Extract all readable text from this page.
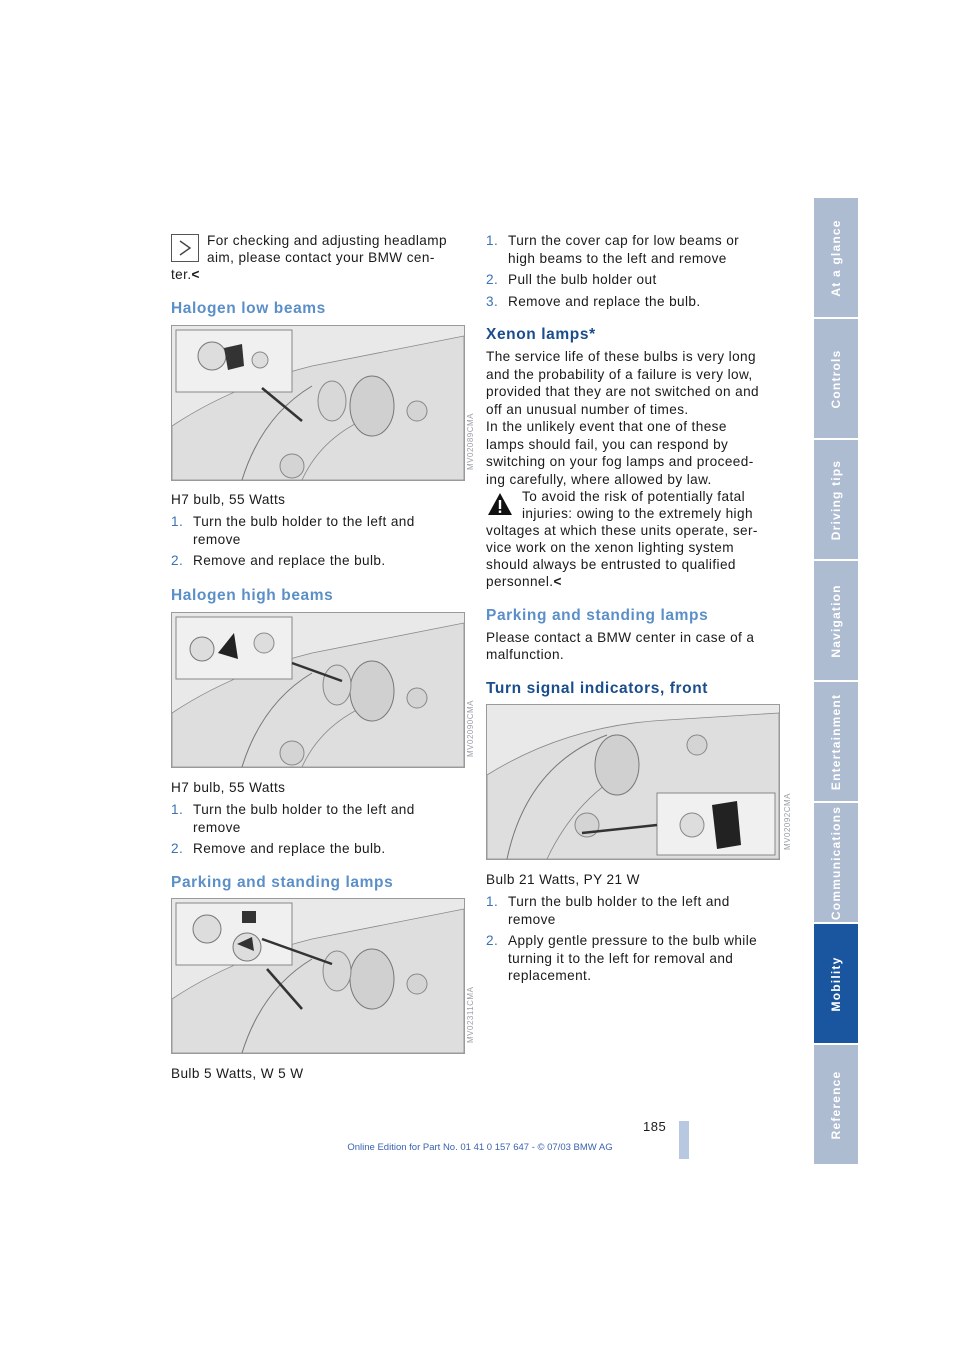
For checking and adjusting headlamp
aim, please contact your BMW cen-
ter.<
Halogen low beams
MV02089CMA
H7 bulb, 55 Watts
1. Turn the bulb holder to the left and
remove
2. Remove and replace the bulb.
Halogen high beams
MV02090CMA
H7 bulb, 55 Watts
1. Turn the bulb holder to the left and
remove
2. Remove and replace the bulb.
Parking and standing lamps
MV02311CMA
Bulb 5 Watts, W 5 W
1. Turn the cover cap for low beams or
high beams to the left and remove
2. Pull the bulb holder out
3. Remove and replace the bulb.
Xenon lamps*
The service life of these bulbs is very long
and the probability of a failure is very low,
provided that they are not switched on and
off an unusual number of times.
In the unlikely event that one of these
lamps should fail, you can respond by
switching on your fog lamps and proceed-
ing carefully, where allowed by law.
To avoid the risk of potentially fatal
injuries: owing to the extremely high
voltages at which these units operate, ser-
vice work on the xenon lighting system
should always be entrusted to qualified
personnel.<
Parking and standing lamps
Please contact a BMW center in case of a
malfunction.
Turn signal indicators, front
MV02092CMA
Bulb 21 Watts, PY 21 W
1. Turn the bulb holder to the left and
remove
2. Apply gentle pressure to the bulb while
turning it to the left for removal and
replacement.
At a glance
Controls
Driving tips
Navigation
Entertainment
Communications
Mobility
Reference
185
Online Edition for Part No. 01 41 0 157 647 - © 07/03 BMW AG
